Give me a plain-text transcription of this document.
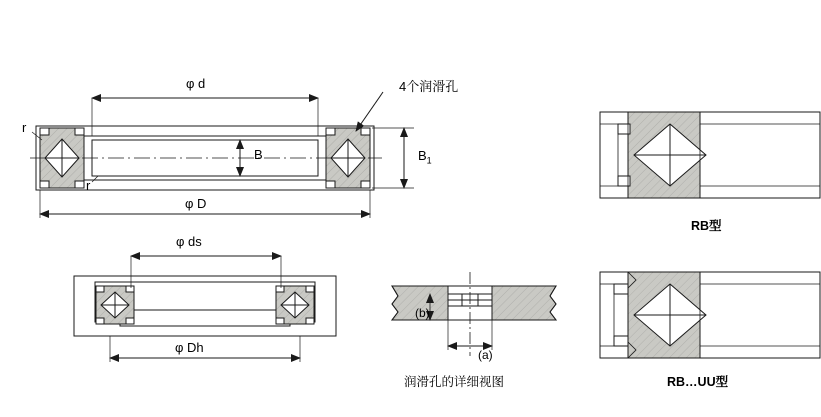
4个润滑孔
φ d
φ D
B	$B_1$
r
r
φ ds
φ Dh
(b)
(a)
润滑孔的详细视图
RB型
RB…UU型
